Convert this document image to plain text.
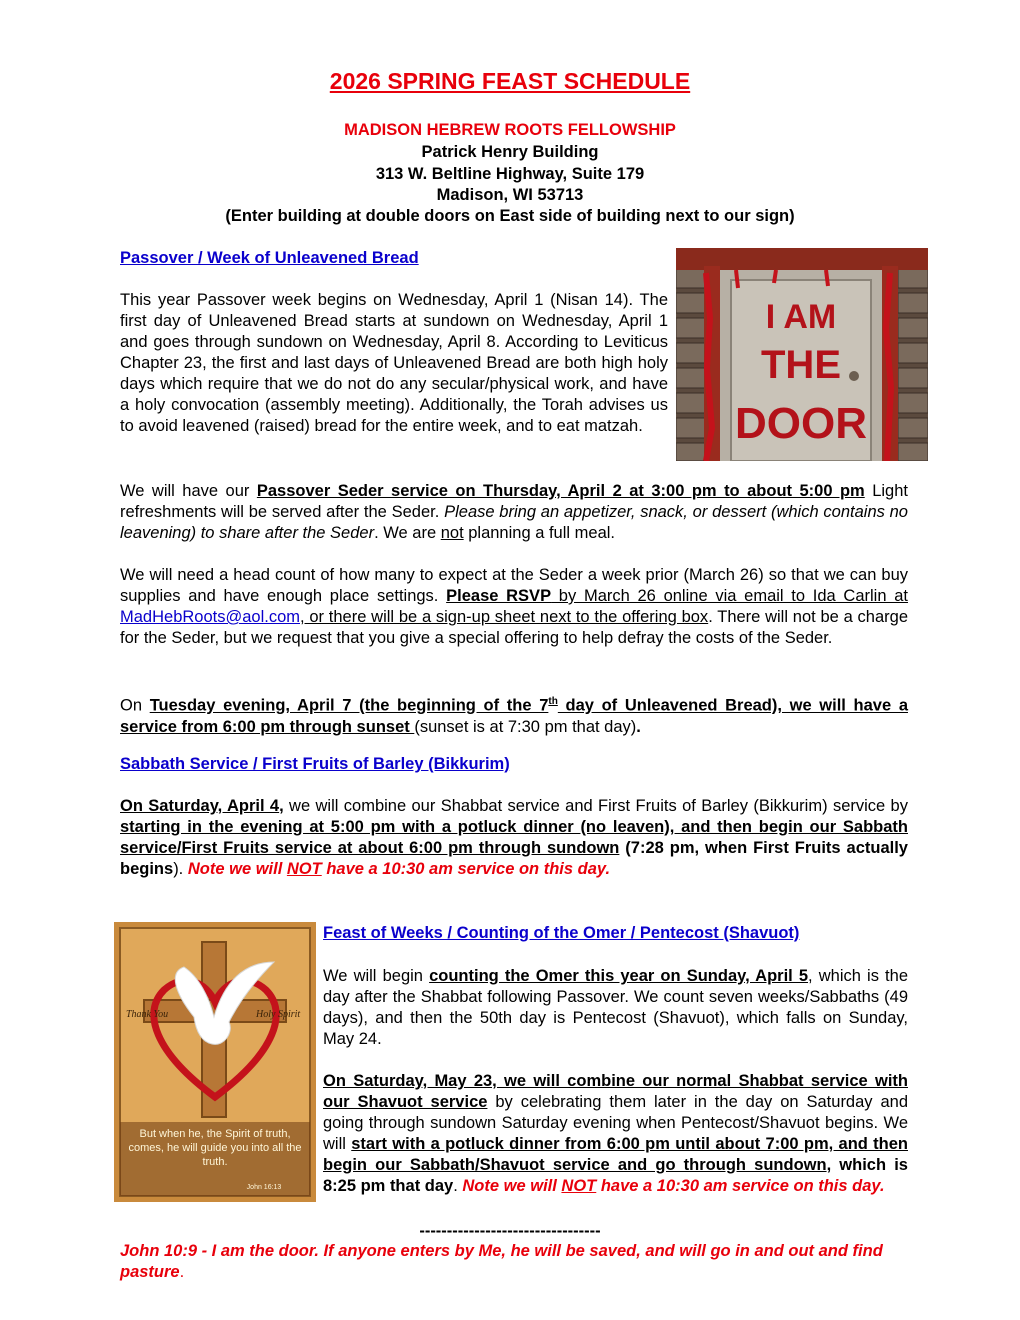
2026 SPRING FEAST SCHEDULE
MADISON HEBREW ROOTS FELLOWSHIP
Patrick Henry Building
313 W. Beltline Highway, Suite 179
Madison, WI 53713
(Enter building at double doors on East side of building next to our sign)
Passover / Week of Unleavened Bread
This year Passover week begins on Wednesday, April 1 (Nisan 14). The first day of Unleavened Bread starts at sundown on Wednesday, April 1 and goes through sundown on Wednesday, April 8. According to Leviticus Chapter 23, the first and last days of Unleavened Bread are both high holy days which require that we do not do any secular/physical work, and have a holy convocation (assembly meeting). Additionally, the Torah advises us to avoid leavened (raised) bread for the entire week, and to eat matzah.
I AM
THE
DOOR
We will have our Passover Seder service on Thursday, April 2 at 3:00 pm to about 5:00 pm Light refreshments will be served after the Seder. Please bring an appetizer, snack, or dessert (which contains no leavening) to share after the Seder. We are not planning a full meal.
We will need a head count of how many to expect at the Seder a week prior (March 26) so that we can buy supplies and have enough place settings. Please RSVP by March 26 online via email to Ida Carlin at MadHebRoots@aol.com, or there will be a sign-up sheet next to the offering box. There will not be a charge for the Seder, but we request that you give a special offering to help defray the costs of the Seder.
On Tuesday evening, April 7 (the beginning of the 7th day of Unleavened Bread), we will have a service from 6:00 pm through sunset (sunset is at 7:30 pm that day).
Sabbath Service / First Fruits of Barley (Bikkurim)
On Saturday, April 4, we will combine our Shabbat service and First Fruits of Barley (Bikkurim) service by starting in the evening at 5:00 pm with a potluck dinner (no leaven), and then begin our Sabbath service/First Fruits service at about 6:00 pm through sundown (7:28 pm, when First Fruits actually begins). Note we will NOT have a 10:30 am service on this day.
Thank You	Holy Spirit
But when he, the Spirit of truth, comes, he will guide you into all the truth.
John 16:13
Feast of Weeks / Counting of the Omer / Pentecost (Shavuot)
We will begin counting the Omer this year on Sunday, April 5, which is the day after the Shabbat following Passover. We count seven weeks/Sabbaths (49 days), and then the 50th day is Pentecost (Shavuot), which falls on Sunday, May 24.
On Saturday, May 23, we will combine our normal Shabbat service with our Shavuot service by celebrating them later in the day on Saturday and going through sundown Saturday evening when Pentecost/Shavuot begins. We will start with a potluck dinner from 6:00 pm until about 7:00 pm, and then begin our Sabbath/Shavuot service and go through sundown, which is 8:25 pm that day. Note we will NOT have a 10:30 am service on this day.
---------------------------------
John 10:9 - I am the door. If anyone enters by Me, he will be saved, and will go in and out and find pasture.
